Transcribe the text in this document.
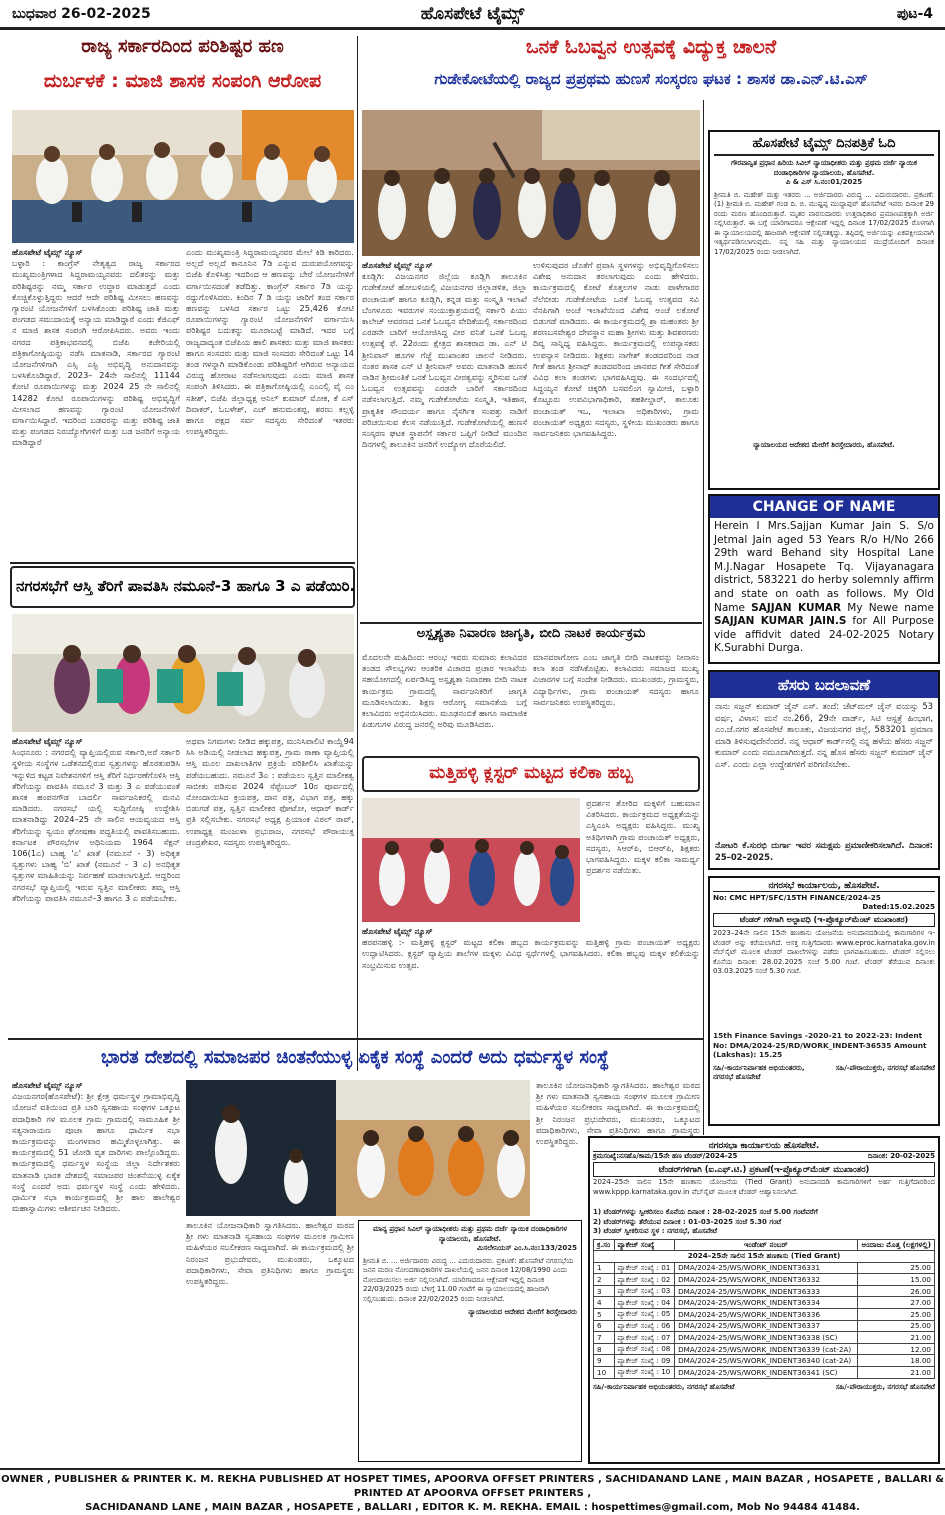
ಬುಧವಾರ 26-02-2025	ಹೊಸಪೇಟೆ ಟೈಮ್ಸ್	ಪುಟ-4
ರಾಜ್ಯ ಸರ್ಕಾರದಿಂದ ಪರಿಶಿಷ್ಟರ ಹಣ
ದುರ್ಬಳಕೆ : ಮಾಜಿ ಶಾಸಕ ಸಂಪಂಗಿ ಆರೋಪ
ಹೊಸಪೇಟೆ ಟೈಮ್ಸ್ ನ್ಯೂಸ್
ಬಳ್ಳಾರಿ : ಕಾಂಗ್ರೆಸ್ ನೇತೃತ್ವದ ರಾಜ್ಯ ಸರ್ಕಾರದ ಮುಖ್ಯಮಂತ್ರಿಗಳಾದ ಸಿದ್ದರಾಮಯ್ಯನವರು ದಲಿತರನ್ನು ಮತ್ತು ಪರಿಶಿಷ್ಟರನ್ನು ನಮ್ಮ ಸರ್ಕಾರ ಉದ್ಧಾರ ಮಾಡುತ್ತದೆ ಎಂದು ಕೊಚ್ಚಿಕೊಳ್ಳುತ್ತಿದ್ದರು ಆದರೆ ಆದೇ ಪರಿಶಿಷ್ಟ ಮೀಸಲು ಹಣವನ್ನು ಗ್ಯಾರಂಟಿ ಯೋಜನೆಗಳಿಗೆ ಬಳಸಿಕೊಂಡು ಪರಿಶಿಷ್ಟ ಜಾತಿ ಮತ್ತು ಪಂಗಡದ ಸಮುದಾಯಕ್ಕೆ ಅನ್ಯಾಯ ಮಾಡಿದ್ದಾರೆ ಎಂದು ಕೆಜಿಎಫ್ ನ ಮಾಜಿ ಶಾಸಕ ಸಂಪಂಗಿ ಆರೋಪಿಸಿದರು. ಅವರು ಇಂದು ನಗರದ ಪತ್ರಿಕಾಭವನದಲ್ಲಿ ಬಿಜೆಪಿ ಕಚೇರಿಯಲ್ಲಿ ಪತ್ರಿಕಾಗೋಷ್ಠಿಯನ್ನು ನಡೆಸಿ ಮಾತನಾಡಿ, ಸರ್ಕಾರದ ಗ್ಯಾರಂಟಿ ಯೋಜನೆಗಳಿಗಾಗಿ ಎಸ್ಸಿ ಎಸ್ಟಿ ಅಭಿವೃದ್ಧಿ ಅನುದಾನವನ್ನು ಬಳಸಿಕೊಂಡಿದ್ದಾರೆ. 2023– 24ನೇ ಸಾಲಿನಲ್ಲಿ 11144 ಕೋಟಿ ರೂಪಾಯಿಗಳನ್ನು ಮತ್ತು 2024 25 ನೇ ಸಾಲಿನಲ್ಲಿ 14282 ಕೋಟಿ ರೂಪಾಯಿಗಳನ್ನು ಪರಿಶಿಷ್ಟ ಅಭಿವೃದ್ಧಿಗೆ ಮೀಸಲಾದ ಹಣವನ್ನು ಗ್ಯಾರಂಟಿ ಯೋಜನೆಗಳಿಗೆ ವರ್ಗಾಯಿಸಿದ್ದಾರೆ. ಇದರಿಂದ ಬಡವರನ್ನು ಮತ್ತು ಪರಿಶಿಷ್ಟ ಜಾತಿ ಮತ್ತು ಪಂಗಡದ ನಿರುದ್ಯೋಗಿಗಳಿಗೆ ಮತ್ತು ಬಡ ಜನರಿಗೆ ಅನ್ಯಾಯ ಮಾಡಿದ್ದಾರೆ
ಎಂದು ಮುಖ್ಯಮಂತ್ರಿ ಸಿದ್ದರಾಮಯ್ಯನವರ ಮೇಲೆ ಕಿಡಿ ಕಾರಿದರು. ಅಲ್ಲದೆ ಅಲ್ಲದೆ ಕಾನೂನಿನ 7ಡಿ ಎನ್ನುವ ದುರುಪಯೋಗವನ್ನು ಬಿಜೆಪಿ ಕೊಳಿಸಿತ್ತು ಇದರಿಂದ ಆ ಹಣವನ್ನು ಬೇರೆ ಯೋಜನೆಗಳಿಗೆ ವರ್ಗಾಯಿಸದಂತೆ ತಡೆದಿತ್ತು. ಕಾಂಗ್ರೆಸ್ ಸರ್ಕಾರ 7ಡಿ ಯನ್ನು ರದ್ದುಗೊಳಿಸಿದರು. ಕಿಂದಿನ 7 ಡಿ ಯನ್ನು ಜಾರಿಗೆ ತಂದ ಸರ್ಕಾರ ಹಣವನ್ನು ಬಳಸಿದ ಸರ್ಕಾರ ಒಟ್ಟು 25,426 ಕೋಟಿ ರೂಪಾಯಿಗಳನ್ನು ಗ್ಯಾರಂಟಿ ಯೋಜನೆಗಳಿಗೆ ವರ್ಗಾಯಿಸಿ ಪರಿಶಿಷ್ಟರ ಬದುಕನ್ನು ಮೂರಾಬಟ್ಟೆ ಮಾಡಿದೆ. ಇದರ ಬಗ್ಗೆ ರಾಜ್ಯದಾದ್ಯಂತ ಬಿಜೆಪಿಯ ಹಾಲಿ ಶಾಸಕರು ಮತ್ತು ಮಾಜಿ ಶಾಸಕರು ಹಾಗೂ ಸಂಸದರು ಮತ್ತು ಮಾಜಿ ಸಂಸದರು ಸೇರಿದಂತೆ ಒಟ್ಟು 14 ತಂಡ ಗಳನ್ನಾಗಿ ಮಾಡಿಕೊಂಡು ಪರಿಶಿಷ್ಟರಿಗೆ ಆಗಿರುವ ಅನ್ಯಾಯದ ವಿರುದ್ಧ ಹೋರಾಟ ನಡೆಸಲಾಗುವುದು ಎಂದು ಮಾಜಿ ಶಾಸಕ ಸಂಪಂಗಿ ತಿಳಿಸಿದರು. ಈ ಪತ್ರಿಕಾಗೋಷ್ಠಿಯಲ್ಲಿ ಎಂಎಲ್ಸಿ ವೈ ಎಂ ಸತೀಶ್, ಬಿಜೆಪಿ ಜಿಲ್ಲಾಧ್ಯಕ್ಷ ಅನಿಲ್ ಕುಮಾರ್ ಮೋಕ, ಕೆ ಎಸ್ ದಿವಾಕರ್, ಓಬಳೇಶ್, ಎಚ್ ಹನುಮಂತಪ್ಪ, ಶರಣು ಕಲ್ಲಳ್ಳಿ ಹಾಗೂ ಪಕ್ಷದ ಸರ್ವ ಸದಸ್ಯರು ಸೇರಿದಂತೆ ಇತರರು ಉಪಸ್ಥಿತರಿದ್ದರು.
ನಗರಸಭೆಗೆ ಆಸ್ತಿ ತೆರಿಗೆ ಪಾವತಿಸಿ ನಮೂನೆ-3 ಹಾಗೂ 3 ಎ ಪಡೆಯಿರಿ.
ಹೊಸಪೇಟೆ ಟೈಮ್ಸ್ ನ್ಯೂಸ್
ಸಿಂಧನೂರು : ನಗರದಲ್ಲಿ ವ್ಯಾಪ್ತಿಯಲ್ಲಿರುವ ಸರ್ಕಾರಿ,ಅರೆ ಸರ್ಕಾರಿ ಸ್ಥಳೀಯ ಸಂಸ್ಥೆಗಳ ಒಡೆತನದಲ್ಲಿರುವ ಸ್ವತ್ತುಗಳನ್ನು ಹೊರತುಪಡಿಸಿ ಇನ್ನುಳಿದ ಕಟ್ಟಡ ನಿವೇಶನಗಳಿಗೆ ಆಸ್ತಿ ತೆರಿಗೆ ನಿರ್ಧರಣೆಗೊಳಿಸಿ ಆಸ್ತಿ ತೆರಿಗೆಯನ್ನು ಪಾವತಿಸಿ ನಮೂನೆ 3 ಮತ್ತು 3 ಎ ಪಡೆಯುವಂತೆ ಶಾಸಕ ಹಂಪನಗೌಡ ಬಾದರ್ಲಿ ಸಾರ್ವಜನಿಕರಲ್ಲಿ ಮನವಿ ಮಾಡಿದರು. ನಗರಸಭೆ ಯಲ್ಲಿ ಸುದ್ದಿಗೋಷ್ಠಿ ಉದ್ದೇಶಿಸಿ ಮಾತನಾಡಿದ್ದು 2024–25 ನೇ ಸಾಲಿನ ಆಯವ್ಯಯದ ಆಸ್ತಿ ತೆರಿಗೆಯನ್ನು ಸ್ವಯಂ ಘೋಷಣಾ ಪದ್ಧತಿಯಲ್ಲಿ ಪಾವತಿಸಬಹುದು. ಕರ್ನಾಟಕ ಪೌರಸಭೆಗಳ ಅಧಿನಿಯಮ 1964 ಸೆಕ್ಷನ್ 106(1ಎ) ಬಾಹ್ಯ 'ಎ' ಖಾತೆ (ನಮೂನೆ - 3) ಅಧಿಕೃತ ಸ್ವತ್ತುಗಳು ಬಾಹ್ಯ 'ಬಿ' ಖಾತೆ (ನಮೂನೆ - 3 ಎ) ಅನಧಿಕೃತ ಸ್ವತ್ತುಗಳ ಮಾಹಿತಿಯನ್ನು ನಿರ್ವಹಣೆ ಮಾಡಲಾಗುತ್ತಿದೆ. ಆದ್ದರಿಂದ ನಗರಸಭೆ ವ್ಯಾಪ್ತಿಯಲ್ಲಿ ಇರುವ ಸ್ವತ್ತಿನ ಮಾಲೀಕರು ತಮ್ಮ ಆಸ್ತಿ ತೆರಿಗೆಯನ್ನು ಪಾವತಿಸಿ ನಮೂನೆ–3 ಹಾಗೂ 3 ಎ ಪಡೆಯಬೇಕು.
ಅಥವಾ ನಿಗಮಗಳು ನೀಡಿದ ಹಕ್ಕುಪತ್ರ, ಮುನಿಸಿಪಾಲಿಟಿ ಕಾಯ್ದೆ94 ಸಿಸಿ ಅಡಿಯಲ್ಲಿ ನೀಡಲಾದ ಹಕ್ಕುಪತ್ರ, ಗ್ರಾಮ ಠಾಣಾ ವ್ಯಾಪ್ತಿಯಲ್ಲಿ ಆಸ್ತಿ ಮೂಲ ದಾಖಲಾತಿಗಳ ಪ್ರಕ್ರಿಯೆ ಪರಿಶೀಲಿಸಿ ಖಾತೆಯನ್ನು ಪಡೆಯಬಹುದು. ನಮೂನೆ 3ಎ : ಪಡೆಯಲು ಸ್ವತ್ತಿನ ಮಾಲೀಕತ್ವ ಸಾಬೀತು ಪಡಿಸುವ 2024 ಸೆಪ್ಟೆಂಬರ್ 10ರ ಪೂರ್ವದಲ್ಲಿ ನೋಂದಾಯಿಸಿದ ಕ್ರಯಪತ್ರ, ದಾನ ಪತ್ರ, ವಿಭಾಗ ಪತ್ರ, ಹಕ್ಕು ಬಿಡುಗಡೆ ಪತ್ರ, ಸ್ವತ್ತಿನ ಮಾಲೀಕರ ಫೋಟೋ, ಆಧಾರ್ ಕಾರ್ಡ್ ಪ್ರತಿ ಸಲ್ಲಿಸಬೇಕು. ನಗರಸಭೆ ಅಧ್ಯಕ್ಷ ಪ್ರಿಯಾಂಕ ವಿಠಲ್ ರಾವ್, ಉಪಾಧ್ಯಕ್ಷ ಮಂಜುಳಾ ಪ್ರಭುರಾಜ, ನಗರಸಭೆ ಪೌರಾಯುಕ್ತ ಚಂದ್ರಶೇಖರ, ಸದಸ್ಯರು ಉಪಸ್ಥಿತರಿದ್ದರು.
ಒನಕೆ ಓಬವ್ವನ ಉತ್ಸವಕ್ಕೆ ವಿದ್ಯುಕ್ತ ಚಾಲನೆ
ಗುಡೇಕೋಟೆಯಲ್ಲಿ ರಾಜ್ಯದ ಪ್ರಪ್ರಥಮ ಹುಣಸೆ ಸಂಸ್ಕರಣ ಘಟಕ : ಶಾಸಕ ಡಾ.ಎನ್.ಟಿ.ಎಸ್
ಹೊಸಪೇಟೆ ಟೈಮ್ಸ್ ನ್ಯೂಸ್
ಕೂಡ್ಲಿಗಿ: ವಿಜಯನಗರ ಜಿಲ್ಲೆಯ ಕೂಡ್ಲಿಗಿ ತಾಲೂಕಿನ ಗುಡೇಕೋಟೆ ಹೋಬಳಿಯಲ್ಲಿ ವಿಜಯನಗರ ಜಿಲ್ಲಾಡಳಿತ, ಜಿಲ್ಲಾ ಪಂಚಾಯತ್ ಹಾಗೂ ಕೂಡ್ಲಿಗಿ, ಕನ್ನಡ ಮತ್ತು ಸಂಸ್ಕೃತಿ ಇಲಾಖೆ ಬೆಂಗಳೂರು ಇವರುಗಳ ಸಂಯುಕ್ತಾಶ್ರಯದಲ್ಲಿ ಸರ್ಕಾರಿ ಪಿಯು ಕಾಲೇಜ್ ಆವರಣದ ಒನಕೆ ಓಬವ್ವನ ವೇದಿಕೆಯಲ್ಲಿ ಸರ್ಕಾರದಿಂದ ಎರಡನೇ ಬಾರಿಗೆ ಆಯೋಜಿಸಿದ್ದ ವೀರ ವನಿತೆ ಒನಕೆ ಓಬವ್ವ ಉತ್ಸವಕ್ಕೆ ಫೆ. 22ರಂದು ಕ್ಷೇತ್ರದ ಶಾಸಕರಾದ ಡಾ. ಎನ್ ಟಿ ಶ್ರೀನಿವಾಸ್ ಹೂಗಳ ಗೆಜ್ಜೆ ಮುಖಾಂತರ ಚಾಲನೆ ನೀಡಿದರು. ನಂತರ ಶಾಸಕ ಎನ್ ಟಿ ಶ್ರೀನಿವಾಸ್ ಅವರು ಮಾತನಾಡಿ ಹುಣಸೆ ನಾಡಿನ ಶ್ರೀಮಂತಿಕೆ ಒನಕೆ ಓಬವ್ವನ ವೀರತ್ವವನ್ನು ಸ್ಮರಿಸುವ ಒನಕೆ ಓಬವ್ವನ ಉತ್ಸವವನ್ನು ಎರಡನೇ ಬಾರಿಗೆ ಸರ್ಕಾರದಿಂದ ನಡೆಸಲಾಗುತ್ತಿದೆ. ನಮ್ಮ ಗುಡೇಕೋಟೆಯ ಸಂಸ್ಕೃತಿ, ಇತಿಹಾಸ, ಪ್ರಾಕೃತಿಕ ಸೌಂದರ್ಯ ಹಾಗೂ ನೈಸರ್ಗಿಕ ಸಂಪತ್ತು ನಾಡಿಗೆ ಪರಿಚಯಿಸುವ ಕೆಲಸ ನಡೆಯುತ್ತಿದೆ. ಗುಡೇಕೋಟೆಯಲ್ಲಿ ಹುಣಸೆ ಸಂಸ್ಕರಣ ಘಟಕ ಸ್ಥಾಪನೆಗೆ ಸರ್ಕಾರ ಒಪ್ಪಿಗೆ ನೀಡಿದೆ ಮುಂದಿನ ದಿನಗಳಲ್ಲಿ ತಾಲೂಕಿನ ಜನರಿಗೆ ಉದ್ಯೋಗ ದೊರೆಯಲಿದೆ.
ಉಳಿಸುವುದರ ಜೊತೆಗೆ ಪ್ರವಾಸಿ ಸ್ಥಳಗಳನ್ನು ಅಭಿವೃದ್ಧಿಗೊಳಿಸಲು ವಿಶೇಷ ಅನುದಾನ ತರಲಾಗುವುದು ಎಂದು ಹೇಳಿದರು. ಕಾರ್ಯಕ್ರಮದಲ್ಲಿ ಕೋಟೆ ಕೊತ್ತಲಗಳ ನಾಡು ಪಾಳೇಗಾರರ ನೆಲೆಬೀಡು ಗುಡೇಕೋಟೆಯ ಒನಕೆ ಓಬವ್ವ ಉತ್ಸವದ ಸವಿ ನೆನಪಿಗಾಗಿ ಅಂಚೆ ಇಲಾಖೆಯಿಂದ ವಿಶೇಷ ಅಂಚೆ ಲಕೋಟೆ ಬಿಡುಗಡೆ ಮಾಡಿದರು. ಈ ಕಾರ್ಯಕ್ರಮದಲ್ಲಿ ಶ್ರಾ ಮಹಂತರು ಶ್ರೀ ಶರಣಬಸವೇಶ್ವರ ದೇವಸ್ಥಾನ ಮಹಾ ಶ್ರೀಗಳು ಮತ್ತು ಶಿವಶರಣರು ದಿವ್ಯ ಸಾನ್ನಿಧ್ಯ ವಹಿಸಿದ್ದರು. ಕಾರ್ಯಕ್ರಮದಲ್ಲಿ ಉಪನ್ಯಾಸಕರು ಉಪನ್ಯಾಸ ನೀಡಿದರು. ಶಿಕ್ಷಕರು ನಾಗೇಶ್ ತಂಡದವರಿಂದ ನಾಡ ಗೀತೆ ಹಾಗೂ ಶ್ರೀನಾಥ್ ತಂಡದವರಿಂದ ಜಾನಪದ ಗೀತೆ ಸೇರಿದಂತೆ ವಿವಿಧ ಕಲಾ ತಂಡಗಳು ಭಾಗವಹಿಸಿದ್ದವು. ಈ ಸಂದರ್ಭದಲ್ಲಿ ಸಿದ್ಧಯ್ಯನ ಕೋಟೆ ಚಿಕ್ಕರಿಗಿ ಬಸವಲಿಂಗ ಸ್ವಾಮೀಜಿ, ಬಳ್ಳಾರಿ ಕೊಟ್ಟೂರು ಉಪವಿಭಾಗಾಧಿಕಾರಿ, ತಹಶೀಲ್ದಾರ್, ತಾಲೂಕು ಪಂಚಾಯತ್ ಇಒ, ಇಲಾಖಾ ಅಧಿಕಾರಿಗಳು, ಗ್ರಾಮ ಪಂಚಾಯತ್ ಅಧ್ಯಕ್ಷರು ಸದಸ್ಯರು, ಸ್ಥಳೀಯ ಮುಖಂಡರು ಹಾಗೂ ಸಾರ್ವಜನಿಕರು ಭಾಗವಹಿಸಿದ್ದರು.
ಅಸ್ಪೃಶ್ಯತಾ ನಿವಾರಣ ಜಾಗೃತಿ, ಬೀದಿ ನಾಟಕ ಕಾರ್ಯಕ್ರಮ
ಮೊದಲನೇ ಮಹಿದಿಂದ: ಆರಂಭ ಇವರು ಸುಮಾರು ಕಲಾವಿದರ ತಂಡದ ಸೌಲಭ್ಯಗಳು ಆಂತರಿಕ ವಿಚಾರದ ಪ್ರಚಾರ ಇಲಾಖೆಯ ಸಹಯೋಗದಲ್ಲಿ ಏರ್ಪಡಿಸಿದ್ದ ಅಸ್ಪೃಶ್ಯತಾ ನಿವಾರಣಾ ಬೀದಿ ನಾಟಕ ಕಾರ್ಯಕ್ರಮ ಗ್ರಾಮದಲ್ಲಿ ಸಾರ್ವಜನಿಕರಿಗೆ ಜಾಗೃತಿ ಮೂಡಿಸಲಾಯಿತು. ಶಿಕ್ಷಣ ಆರೋಗ್ಯ ಸಮಾನತೆಯ ಬಗ್ಗೆ ಕಲಾವಿದರು ಅಭಿನಯಿಸಿದರು. ಮೂಢನಂಬಿಕೆ ಹಾಗೂ ಸಾಮಾಜಿಕ ಪಿಡುಗುಗಳ ವಿರುದ್ಧ ಜನರಲ್ಲಿ ಅರಿವು ಮೂಡಿಸಿದರು.
ಮಾನವರಾಗೋಣ ಎಂಬ ಜಾಗೃತಿ ಬೀದಿ ನಾಟಕವನ್ನು ನೀನಾಸಂ ಕಲಾ ತಂಡ ನಡೆಸಿಕೊಟ್ಟಿತು. ಕಲಾವಿದರು ಸಮಾಜದ ಮುಖ್ಯ ವಿಚಾರಗಳ ಬಗ್ಗೆ ಸಂದೇಶ ನೀಡಿದರು. ಮುಖಂಡರು, ಗ್ರಾಮಸ್ಥರು, ವಿದ್ಯಾರ್ಥಿಗಳು, ಗ್ರಾಮ ಪಂಚಾಯತ್ ಸದಸ್ಯರು ಹಾಗೂ ಸಾರ್ವಜನಿಕರು ಉಪಸ್ಥಿತರಿದ್ದರು.
ಮತ್ತಿಹಳ್ಳಿ ಕ್ಲಸ್ಟರ್ ಮಟ್ಟದ ಕಲಿಕಾ ಹಬ್ಬ
ಪ್ರದರ್ಶನ ತೋರಿದ ಮಕ್ಕಳಿಗೆ ಬಹುಮಾನ ವಿತರಿಸಿದರು. ಕಾರ್ಯಕ್ರಮದ ಅಧ್ಯಕ್ಷತೆಯನ್ನು ಎಸ್ಡಿಎಂಸಿ ಅಧ್ಯಕ್ಷರು ವಹಿಸಿದ್ದರು. ಮುಖ್ಯ ಅತಿಥಿಗಳಾಗಿ ಗ್ರಾಮ ಪಂಚಾಯತ್ ಅಧ್ಯಕ್ಷರು, ಸದಸ್ಯರು, ಸಿಆರ್‌ಪಿ, ಬಿಆರ್‌ಪಿ, ಶಿಕ್ಷಕರು ಭಾಗವಹಿಸಿದ್ದರು. ಮಕ್ಕಳ ಕಲಿಕಾ ಸಾಮರ್ಥ್ಯ ಪ್ರದರ್ಶನ ನಡೆಯಿತು.
ಹೊಸಪೇಟೆ ಟೈಮ್ಸ್ ನ್ಯೂಸ್
ಹರಪನಹಳ್ಳಿ :- ಮತ್ತಿಹಳ್ಳಿ ಕ್ಲಸ್ಟರ್ ಮಟ್ಟದ ಕಲಿಕಾ ಹಬ್ಬದ ಕಾರ್ಯಕ್ರಮವನ್ನು ಮತ್ತಿಹಳ್ಳಿ ಗ್ರಾಮ ಪಂಚಾಯತ್ ಅಧ್ಯಕ್ಷರು ಉದ್ಘಾಟಿಸಿದರು. ಕ್ಲಸ್ಟರ್ ವ್ಯಾಪ್ತಿಯ ಶಾಲೆಗಳ ಮಕ್ಕಳು ವಿವಿಧ ಸ್ಪರ್ಧೆಗಳಲ್ಲಿ ಭಾಗವಹಿಸಿದರು. ಕಲಿಕಾ ಹಬ್ಬವು ಮಕ್ಕಳ ಕಲಿಕೆಯನ್ನು ಸಂಭ್ರಮಿಸುವ ಉತ್ಸವ.
ಭಾರತ ದೇಶದಲ್ಲಿ ಸಮಾಜಪರ ಚಿಂತನೆಯುಳ್ಳ ಏಕೈಕ ಸಂಸ್ಥೆ ಎಂದರೆ ಅದು ಧರ್ಮಸ್ಥಳ ಸಂಸ್ಥೆ
ಹೊಸಪೇಟೆ ಟೈಮ್ಸ್ ನ್ಯೂಸ್
ವಿಜಯನಗರ(ಹೊಸಪೇಟೆ): ಶ್ರೀ ಕ್ಷೇತ್ರ ಧರ್ಮಸ್ಥಳ ಗ್ರಾಮಾಭಿವೃದ್ಧಿ ಯೋಜನೆ ವತಿಯಿಂದ ಪ್ರತಿ ಬಾರಿ ಸ್ವಸಹಾಯ ಸಂಘಗಳ ಒಕ್ಕೂಟ ಪದಾಧಿಕಾರಿ ಗಳ ಮೂಲಕ ಗ್ರಾಮ ಗ್ರಾಮದಲ್ಲಿ ಸಾಮೂಹಿಕ ಶ್ರೀ ಸತ್ಯನಾರಾಯಣ ಪೂಜಾ ಹಾಗೂ ಧಾರ್ಮಿಕ ಸಭಾ ಕಾರ್ಯಕ್ರಮವನ್ನು ಮಂಗಳವಾರ ಹಮ್ಮಿಕೊಳ್ಳಲಾಗಿತ್ತು. ಈ ಕಾರ್ಯಕ್ರಮದಲ್ಲಿ 51 ಜೋಡಿ ವೃತ ದಾರಿಗಳು ಪಾಲ್ಗೊಂಡಿದ್ದರು. ಕಾರ್ಯಕ್ರಮದಲ್ಲಿ ಧರ್ಮಸ್ಥಳ ಸಂಸ್ಥೆಯ ಜಿಲ್ಲಾ ನಿರ್ದೇಶಕರು ಮಾತನಾಡಿ ಭಾರತ ದೇಶದಲ್ಲಿ ಸಮಾಜಪರ ಚಿಂತನೆಯುಳ್ಳ ಏಕೈಕ ಸಂಸ್ಥೆ ಎಂದರೆ ಅದು ಧರ್ಮಸ್ಥಳ ಸಂಸ್ಥೆ ಎಂದು ಹೇಳಿದರು. ಧಾರ್ಮಿಕ ಸಭಾ ಕಾರ್ಯಕ್ರಮದಲ್ಲಿ ಶ್ರೀ ಹಾಲ ಹಾಲೇಶ್ವರ ಮಹಾಸ್ವಾಮಿಗಳು ಆಶೀರ್ವಚನ ನೀಡಿದರು.
ತಾಲೂಕಿನ ಯೋಜನಾಧಿಕಾರಿ ಸ್ವಾಗತಿಸಿದರು. ಹಾಲೇಶ್ವರ ಮಠದ ಶ್ರೀ ಗಳು ಮಾತನಾಡಿ ಸ್ವಸಹಾಯ ಸಂಘಗಳ ಮೂಲಕ ಗ್ರಾಮೀಣ ಮಹಿಳೆಯರ ಸಬಲೀಕರಣ ಸಾಧ್ಯವಾಗಿದೆ. ಈ ಕಾರ್ಯಕ್ರಮದಲ್ಲಿ ಶ್ರೀ ನಿರಂಜನ ಪ್ರಭುದೇವರು, ಮುಖಂಡರು, ಒಕ್ಕೂಟದ ಪದಾಧಿಕಾರಿಗಳು, ಸೇವಾ ಪ್ರತಿನಿಧಿಗಳು ಹಾಗೂ ಗ್ರಾಮಸ್ಥರು ಉಪಸ್ಥಿತರಿದ್ದರು.
ತಾಲೂಕಿನ ಯೋಜನಾಧಿಕಾರಿ ಸ್ವಾಗತಿಸಿದರು. ಹಾಲೇಶ್ವರ ಮಠದ ಶ್ರೀ ಗಳು ಮಾತನಾಡಿ ಸ್ವಸಹಾಯ ಸಂಘಗಳ ಮೂಲಕ ಗ್ರಾಮೀಣ ಮಹಿಳೆಯರ ಸಬಲೀಕರಣ ಸಾಧ್ಯವಾಗಿದೆ. ಈ ಕಾರ್ಯಕ್ರಮದಲ್ಲಿ ಶ್ರೀ ನಿರಂಜನ ಪ್ರಭುದೇವರು, ಮುಖಂಡರು, ಒಕ್ಕೂಟದ ಪದಾಧಿಕಾರಿಗಳು, ಸೇವಾ ಪ್ರತಿನಿಧಿಗಳು ಹಾಗೂ ಗ್ರಾಮಸ್ಥರು ಉಪಸ್ಥಿತರಿದ್ದರು.
ಮಾನ್ಯ ಪ್ರಧಾನ ಸಿವಿಲ್ ನ್ಯಾಯಾಧೀಶರು ಮತ್ತು ಪ್ರಥಮ ದರ್ಜೆ ನ್ಯಾಯಿಕ ದಂಡಾಧಿಕಾರಿಗಳ ನ್ಯಾಯಾಲಯ, ಹೊಸಪೇಟೆ.
ಮಿಸಲೇನಿಯಸ್ ಎಂ.ಸಿ.ನಂ:133/2025
ಶ್ರೀಮತಿ ಬಿ. ... ಅರ್ಜಿದಾರರು ವಿರುದ್ಧ ... ಎದುರುದಾರರು. ಪ್ರಕಟಣೆ: ಹೊಸಪೇಟೆ ನಗರಸಭೆಯ ಜನನ ಮರಣ ನೋಂದಣಾಧಿಕಾರಿಗಳ ದಾಖಲೆಯಲ್ಲಿ ಜನನ ದಿನಾಂಕ 12/08/1990 ಎಂದು ನೋಂದಾಯಿಸಲು ಅರ್ಜಿ ಸಲ್ಲಿಸಲಾಗಿದೆ. ಯಾರಿಗಾದರೂ ಆಕ್ಷೇಪಣೆ ಇದ್ದಲ್ಲಿ ದಿನಾಂಕ 22/03/2025 ರಂದು ಬೆಳಿಗ್ಗೆ 11.00 ಗಂಟೆಗೆ ಈ ನ್ಯಾಯಾಲಯದಲ್ಲಿ ಹಾಜರಾಗಿ ಸಲ್ಲಿಸಬಹುದು. ದಿನಾಂಕ 22/02/2025 ರಂದು ನೀಡಲಾಗಿದೆ.
ನ್ಯಾಯಾಲಯದ ಆದೇಶದ ಮೇರೆಗೆ ಶಿರಸ್ತೇದಾರರು
ಹೊಸಪೇಟೆ ಟೈಮ್ಸ್ ದಿನಪತ್ರಿಕೆ ಓದಿ
ಗೌರವಾನ್ವಿತ ಪ್ರಧಾನ ಹಿರಿಯ ಸಿವಿಲ್ ನ್ಯಾಯಾಧೀಶರು ಮತ್ತು ಪ್ರಥಮ ದರ್ಜೆ ನ್ಯಾಯಿಕ ದಂಡಾಧಿಕಾರಿಗಳ ನ್ಯಾಯಾಲಯ, ಹೊಸಪೇಟೆ.
ಪಿ & ಎಸ್ ಸಿ.ನಂ:01/2025
ಶ್ರೀಮತಿ ಬಿ. ಮಹೇಶ್ ಮತ್ತು ಇತರರು ... ಅರ್ಜಿದಾರರು ವಿರುದ್ಧ ... ಎದುರುದಾರರು. ಪ್ರಕಟಣೆ: (1) ಶ್ರೀಮತಿ ಬಿ. ಮಹೇಶ್ ಗಂಡ ದಿ. ಬಿ. ಮುಷ್ಟಪ್ಪ ಮುದ್ದಾಪುರ್ ಹೊಸಪೇಟೆ ಇವರು ದಿನಾಂಕ 29 ರಂದು ಮರಣ ಹೊಂದಿರುತ್ತಾರೆ. ಮೃತರ ವಾರಸುದಾರರು ಉತ್ತರಾಧಿಕಾರ ಪ್ರಮಾಣಪತ್ರಕ್ಕಾಗಿ ಅರ್ಜಿ ಸಲ್ಲಿಸಿರುತ್ತಾರೆ. ಈ ಬಗ್ಗೆ ಯಾರಿಗಾದರೂ ಆಕ್ಷೇಪಣೆ ಇದ್ದಲ್ಲಿ ದಿನಾಂಕ 17/02/2025 ರೊಳಗಾಗಿ ಈ ನ್ಯಾಯಾಲಯದಲ್ಲಿ ಹಾಜರಾಗಿ ಆಕ್ಷೇಪಣೆ ಸಲ್ಲಿಸತಕ್ಕದ್ದು. ತಪ್ಪಿದಲ್ಲಿ ಅರ್ಜಿಯನ್ನು ಏಕಪಕ್ಷೀಯವಾಗಿ ಇತ್ಯರ್ಥಪಡಿಸಲಾಗುವುದು. ನನ್ನ ಸಹಿ ಮತ್ತು ನ್ಯಾಯಾಲಯದ ಮುದ್ರೆಯೊಂದಿಗೆ ದಿನಾಂಕ 17/02/2025 ರಂದು ನೀಡಲಾಗಿದೆ.
ನ್ಯಾಯಾಲಯದ ಆದೇಶದ ಮೇರೆಗೆ ಶಿರಸ್ತೇದಾರರು, ಹೊಸಪೇಟೆ.
CHANGE OF NAME
Herein I Mrs.Sajjan Kumar Jain S. S/o Jetmal Jain aged 53 Years R/o H/No 266 29th ward Behand sity Hospital Lane M.J.Nagar Hosapete Tq. Vijayanagara district, 583221 do herby solemnly affirm and state on oath as follows. My Old Name SAJJAN KUMAR My Newe name SAJJAN KUMAR JAIN.S for All Purpose vide affidvit dated 24-02-2025 Notary K.Surabhi Durga.
ಹೆಸರು ಬದಲಾವಣೆ
ನಾನು ಸಜ್ಜನ್ ಕುಮಾರ್ ಜೈನ್ ಎಸ್. ತಂದೆ: ಜೆಟ್‌ಮಲ್ ಜೈನ್ ವಯಸ್ಸು 53 ವರ್ಷ, ವಿಳಾಸ: ಮನೆ ನಂ.266, 29ನೇ ವಾರ್ಡ್, ಸಿಟಿ ಆಸ್ಪತ್ರೆ ಹಿಂಭಾಗ, ಎಂ.ಜೆ.ನಗರ ಹೊಸಪೇಟೆ ತಾಲೂಕು, ವಿಜಯನಗರ ಜಿಲ್ಲೆ, 583201 ಪ್ರಮಾಣ ಮಾಡಿ ತಿಳಿಸುವುದೇನೆಂದರೆ. ನನ್ನ ಆಧಾರ್ ಕಾರ್ಡ್‌ನಲ್ಲಿ ನನ್ನ ಹಳೆಯ ಹೆಸರು ಸಜ್ಜನ್ ಕುಮಾರ್ ಎಂದು ನಮೂದಾಗಿರುತ್ತದೆ. ನನ್ನ ಹೊಸ ಹೆಸರು ಸಜ್ಜನ್ ಕುಮಾರ್ ಜೈನ್ ಎಸ್. ಎಂದು ಎಲ್ಲಾ ಉದ್ದೇಶಗಳಿಗೆ ಪರಿಗಣಿಸಬೇಕು.
ನೋಟರಿ ಕೆ.ಸುರಭಿ ದುರ್ಗಾ ಇವರ ಸಮಕ್ಷಮ ಪ್ರಮಾಣೀಕರಿಸಲಾಗಿದೆ. ದಿನಾಂಕ: 25–02–2025.
ನಗರಸಭೆ ಕಾರ್ಯಾಲಯ, ಹೊಸಪೇಟೆ.
No: CMC HPT/SFC/15TH FINANCE/2024-25
Dated:15.02.2025
ಟೆಂಡರ್ ಗಳಿಗಾಗಿ ಅಲ್ಪಾವಧಿ (ಇ-ಪ್ರೊಕ್ಯೂರ್‌ಮೆಂಟ್ ಮುಖಾಂತರ)
2023–24ನೇ ಸಾಲಿನ 15ನೇ ಹಣಕಾಸು ಯೋಜನೆಯ ಅನುದಾನದಡಿಯಲ್ಲಿ ಕಾಮಗಾರಿಗಳ ಇ-ಟೆಂಡರ್ ಅನ್ನು ಕರೆಯಲಾಗಿದೆ. ಆಸಕ್ತ ಗುತ್ತಿಗೆದಾರರು www.eproc.karnataka.gov.in ವೆಬ್‌ಸೈಟ್ ಮೂಲಕ ಟೆಂಡರ್ ದಾಖಲೆಗಳನ್ನು ಪಡೆದು ಭಾಗವಹಿಸಬಹುದು. ಟೆಂಡರ್ ಸಲ್ಲಿಸಲು ಕೊನೆಯ ದಿನಾಂಕ: 28.02.2025 ಸಂಜೆ 5.00 ಗಂಟೆ. ಟೆಂಡರ್ ತೆರೆಯುವ ದಿನಾಂಕ: 03.03.2025 ಸಂಜೆ 5.30 ಗಂಟೆ.
15th Finance Savings -2020-21 to 2022-23: Indent No: DMA/2024-25/RD/WORK_INDENT-36535 Amount (Lakshas): 15.25
ಸಹಿ/-ಕಾರ್ಯನಿರ್ವಾಹಕ ಅಭಿಯಂತರರು, ನಗರಸಭೆ ಹೊಸಪೇಟೆ
ಸಹಿ/-ಪೌರಾಯುಕ್ತರು, ನಗರಸಭೆ ಹೊಸಪೇಟೆ
ನಗರಸಭಾ ಕಾರ್ಯಾಲಯ ಹೊಸಪೇಟೆ.
ಕ್ರಮಸಂಖ್ಯೆ:ನಸಹೊ/ಕಾಮ/15ನೇ ಹಣ ಟೆಂಡರ್/2024-25	ದಿನಾಂಕ: 20-02-2025
ಟೆಂಡರ್‌ಗಳಿಗಾಗಿ (ಐ.ಎಫ್.ಟಿ.) ಪ್ರಕಟಣೆ(ಇ-ಪ್ರೊಕ್ಯೂರ್‌ಮೆಂಟ್ ಮುಖಾಂತರ)
2024–25ನೇ ಸಾಲಿನ 15ನೇ ಹಣಕಾಸು ಯೋಜನೆಯ (Tied Grant) ಅನುದಾನದಡಿ ಕಾಮಗಾರಿಗಳಿಗೆ ಅರ್ಹ ಗುತ್ತಿಗೆದಾರರಿಂದ www.kppp.karnataka.gov.in ವೆಬ್‌ಸೈಟ್ ಮೂಲಕ ಟೆಂಡರ್ ಆಹ್ವಾನಿಸಲಾಗಿದೆ.
1) ಟೆಂಡರ್‌ಗಳನ್ನು ಸ್ವೀಕರಿಸಲು ಕೊನೆಯ ದಿನಾಂಕ : 28-02-2025 ಸಂಜೆ 5.00 ಗಂಟೆವರೆಗೆ
2) ಟೆಂಡರ್‌ಗಳನ್ನು ತೆರೆಯುವ ದಿನಾಂಕ : 01-03-2025 ಸಂಜೆ 5.30 ಗಂಟೆ
3) ಟೆಂಡರ್ ಸ್ವೀಕರಿಸುವ ಸ್ಥಳ : ನಗರಸಭೆ, ಹೊಸಪೇಟೆ
ಕ್ರ.ಸಂ	ಪ್ಯಾಕೇಜ್ ಸಂಖ್ಯೆ	ಇಂಡೆಂಟ್ ನಂಬರ್	ಅಂದಾಜು ಮೊತ್ತ (ಲಕ್ಷಗಳಲ್ಲಿ)
2024–25ನೇ ಸಾಲಿನ 15ನೇ ಹಣಕಾಸು (Tied Grant)			
1	ಪ್ಯಾಕೇಜ್ ಸಂಖ್ಯೆ : 01	DMA/2024-25/WS/WORK_INDENT36331	25.00
2	ಪ್ಯಾಕೇಜ್ ಸಂಖ್ಯೆ : 02	DMA/2024-25/WS/WORK_INDENT36332	15.00
3	ಪ್ಯಾಕೇಜ್ ಸಂಖ್ಯೆ : 03	DMA/2024-25/WS/WORK_INDENT36333	26.00
4	ಪ್ಯಾಕೇಜ್ ಸಂಖ್ಯೆ : 04	DMA/2024-25/WS/WORK_INDENT36334	27.00
5	ಪ್ಯಾಕೇಜ್ ಸಂಖ್ಯೆ : 05	DMA/2024-25/WS/WORK_INDENT36336	25.00
6	ಪ್ಯಾಕೇಜ್ ಸಂಖ್ಯೆ : 06	DMA/2024-25/WS/WORK_INDENT36337	25.00
7	ಪ್ಯಾಕೇಜ್ ಸಂಖ್ಯೆ : 07	DMA/2024-25/WS/WORK_INDENT36338 (SC)	21.00
8	ಪ್ಯಾಕೇಜ್ ಸಂಖ್ಯೆ : 08	DMA/2024-25/WS/WORK_INDENT36339 (cat-2A)	12.00
9	ಪ್ಯಾಕೇಜ್ ಸಂಖ್ಯೆ : 09	DMA/2024-25/WS/WORK_INDENT36340 (cat-2A)	18.00
10	ಪ್ಯಾಕೇಜ್ ಸಂಖ್ಯೆ : 10	DMA/2024-25/WS/WORK_INDENT36341 (SC)	21.00
ಸಹಿ/-ಕಾರ್ಯನಿರ್ವಾಹಕ ಅಭಿಯಂತರರು, ನಗರಸಭೆ ಹೊಸಪೇಟೆ	ಸಹಿ/-ಪೌರಾಯುಕ್ತರು, ನಗರಸಭೆ ಹೊಸಪೇಟೆ
OWNER , PUBLISHER & PRINTER K. M. REKHA PUBLISHED AT HOSPET TIMES, APOORVA OFFSET PRINTERS , SACHIDANAND LANE , MAIN BAZAR , HOSAPETE , BALLARI & PRINTED AT APOORVA OFFSET PRINTERS ,
SACHIDANAND LANE , MAIN BAZAR , HOSAPETE , BALLARI , EDITOR K. M. REKHA. EMAIL : hospettimes@gmail.com, Mob No 94484 41484.
